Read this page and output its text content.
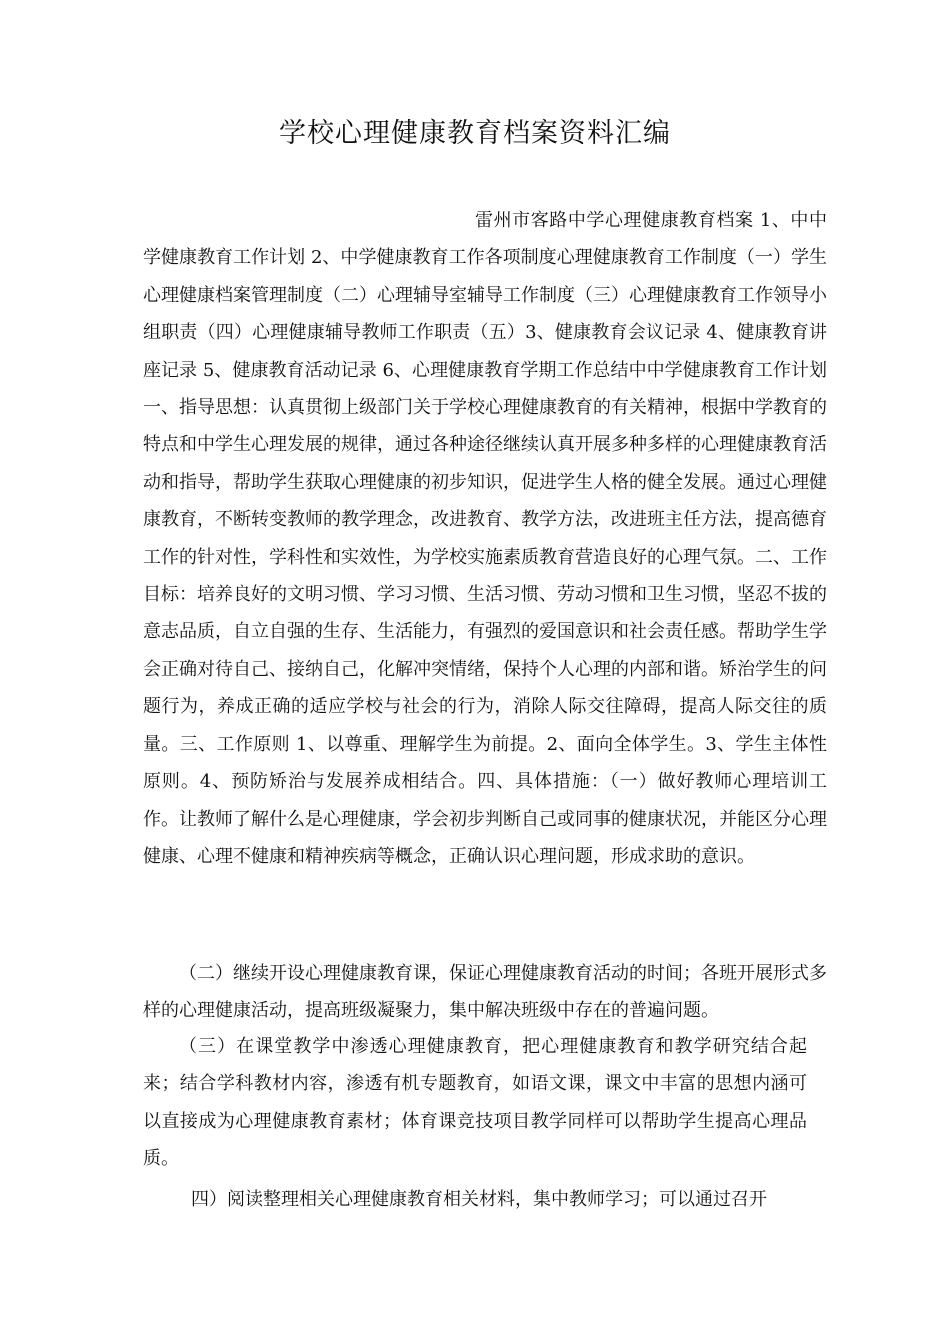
学校心理健康教育档案资料汇编

雷州市客路中学心理健康教育档案 1、中中学健康教育工作计划 2、中学健康教育工作各项制度心理健康教育工作制度（一）学生心理健康档案管理制度（二）心理辅导室辅导工作制度（三）心理健康教育工作领导小组职责（四）心理健康辅导教师工作职责（五）3、健康教育会议记录 4、健康教育讲座记录 5、健康教育活动记录 6、心理健康教育学期工作总结中中学健康教育工作计划一、指导思想：认真贯彻上级部门关于学校心理健康教育的有关精神，根据中学教育的特点和中学生心理发展的规律，通过各种途径继续认真开展多种多样的心理健康教育活动和指导，帮助学生获取心理健康的初步知识，促进学生人格的健全发展。通过心理健康教育，不断转变教师的教学理念，改进教育、教学方法，改进班主任方法，提高德育工作的针对性，学科性和实效性，为学校实施素质教育营造良好的心理气氛。二、工作目标：培养良好的文明习惯、学习习惯、生活习惯、劳动习惯和卫生习惯，坚忍不拔的意志品质，自立自强的生存、生活能力，有强烈的爱国意识和社会责任感。帮助学生学会正确对待自己、接纳自己，化解冲突情绪，保持个人心理的内部和谐。矫治学生的问题行为，养成正确的适应学校与社会的行为，消除人际交往障碍，提高人际交往的质量。三、工作原则 1、以尊重、理解学生为前提。2、面向全体学生。3、学生主体性原则。4、预防矫治与发展养成相结合。四、具体措施：（一）做好教师心理培训工作。让教师了解什么是心理健康，学会初步判断自己或同事的健康状况，并能区分心理健康、心理不健康和精神疾病等概念，正确认识心理问题，形成求助的意识。

（二）继续开设心理健康教育课，保证心理健康教育活动的时间；各班开展形式多样的心理健康活动，提高班级凝聚力，集中解决班级中存在的普遍问题。

（三）在课堂教学中渗透心理健康教育，把心理健康教育和教学研究结合起来；结合学科教材内容，渗透有机专题教育，如语文课，课文中丰富的思想内涵可以直接成为心理健康教育素材；体育课竞技项目教学同样可以帮助学生提高心理品质。

四）阅读整理相关心理健康教育相关材料，集中教师学习；可以通过召开
